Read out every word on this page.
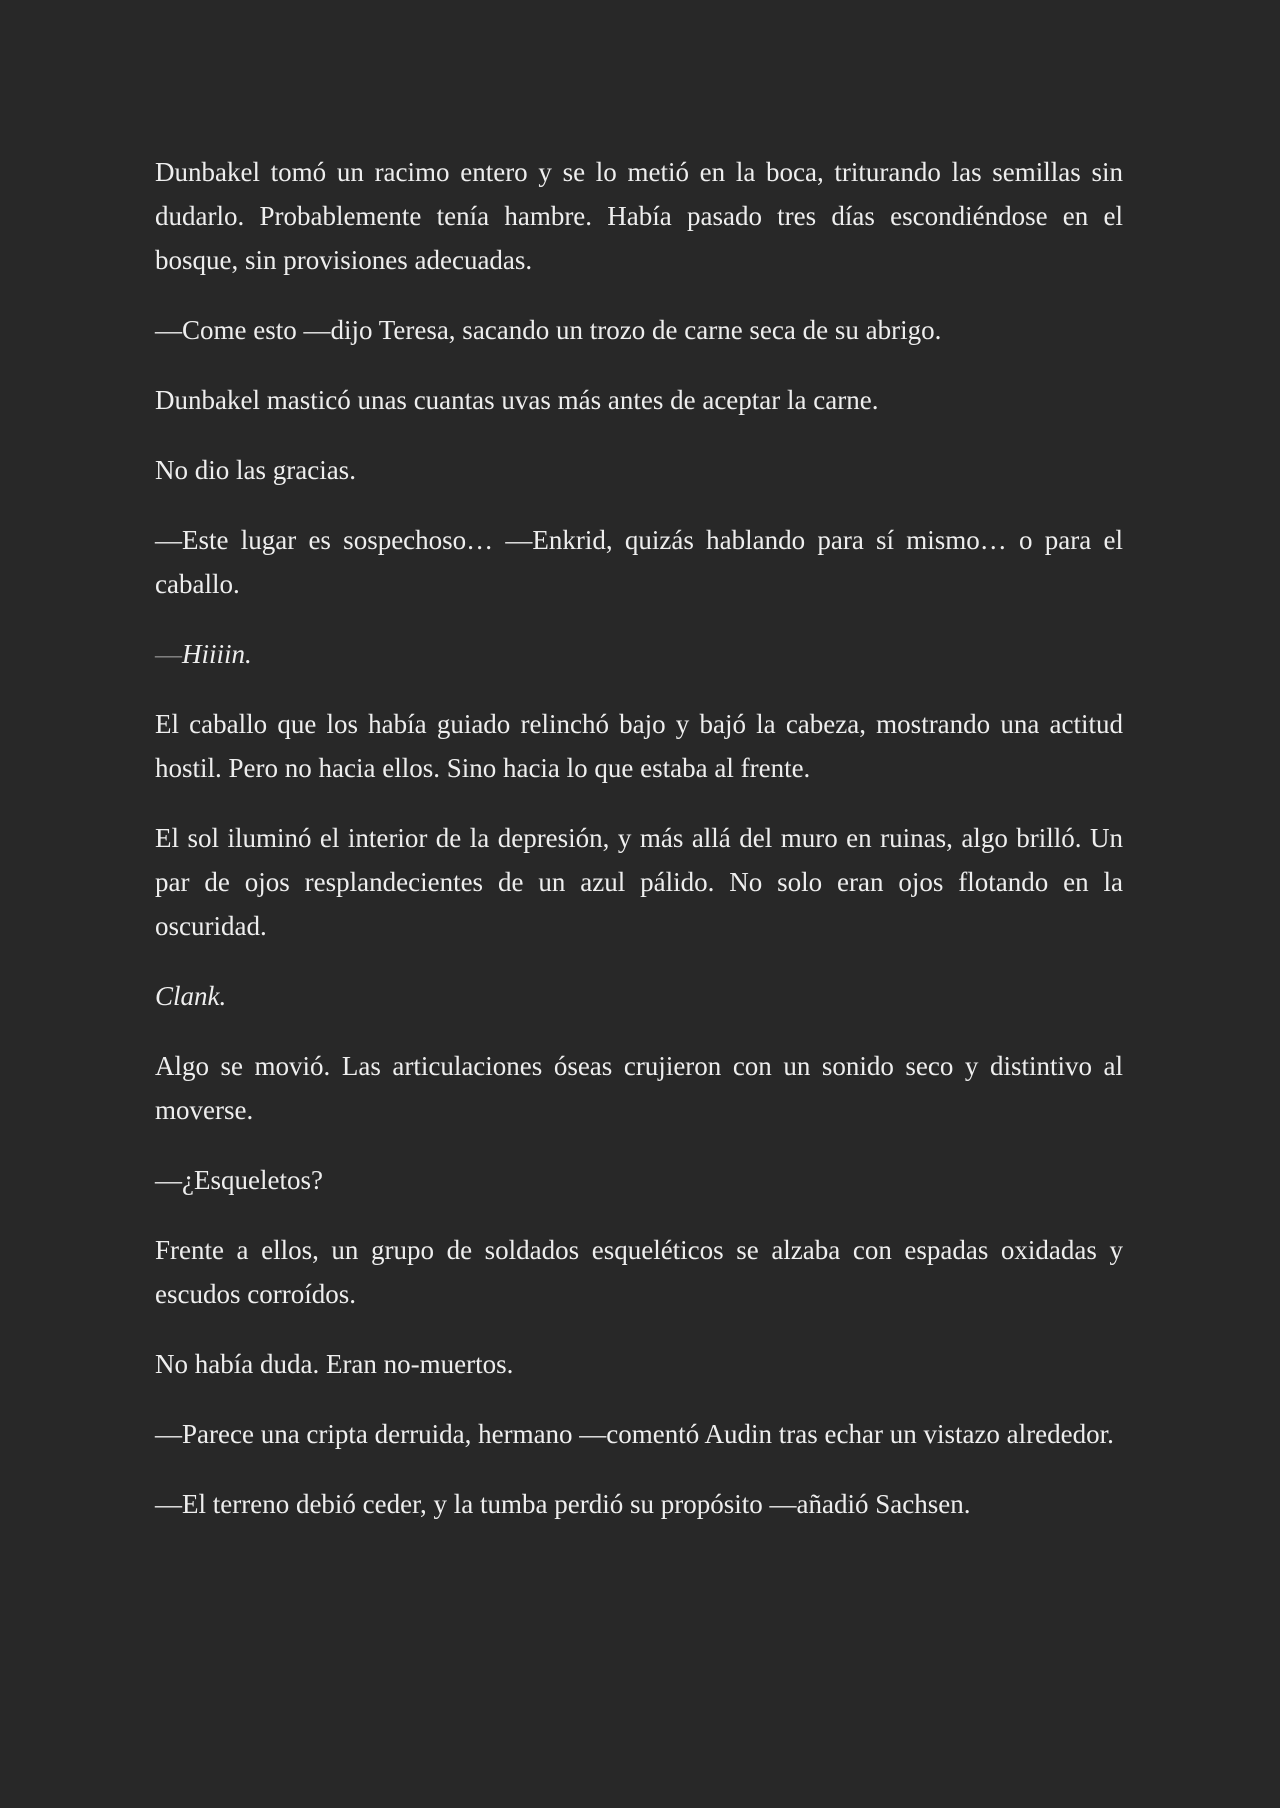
Dunbakel tomó un racimo entero y se lo metió en la boca, triturando las semillas sin dudarlo. Probablemente tenía hambre. Había pasado tres días escondiéndose en el bosque, sin provisiones adecuadas.

—Come esto —dijo Teresa, sacando un trozo de carne seca de su abrigo.

Dunbakel masticó unas cuantas uvas más antes de aceptar la carne.

No dio las gracias.

—Este lugar es sospechoso… —Enkrid, quizás hablando para sí mismo… o para el caballo.

—Hiiiin.

El caballo que los había guiado relinchó bajo y bajó la cabeza, mostrando una actitud hostil. Pero no hacia ellos. Sino hacia lo que estaba al frente.

El sol iluminó el interior de la depresión, y más allá del muro en ruinas, algo brilló. Un par de ojos resplandecientes de un azul pálido. No solo eran ojos flotando en la oscuridad.

Clank.

Algo se movió. Las articulaciones óseas crujieron con un sonido seco y distintivo al moverse.

—¿Esqueletos?

Frente a ellos, un grupo de soldados esqueléticos se alzaba con espadas oxidadas y escudos corroídos.

No había duda. Eran no-muertos.

—Parece una cripta derruida, hermano —comentó Audin tras echar un vistazo alrededor.

—El terreno debió ceder, y la tumba perdió su propósito —añadió Sachsen.
